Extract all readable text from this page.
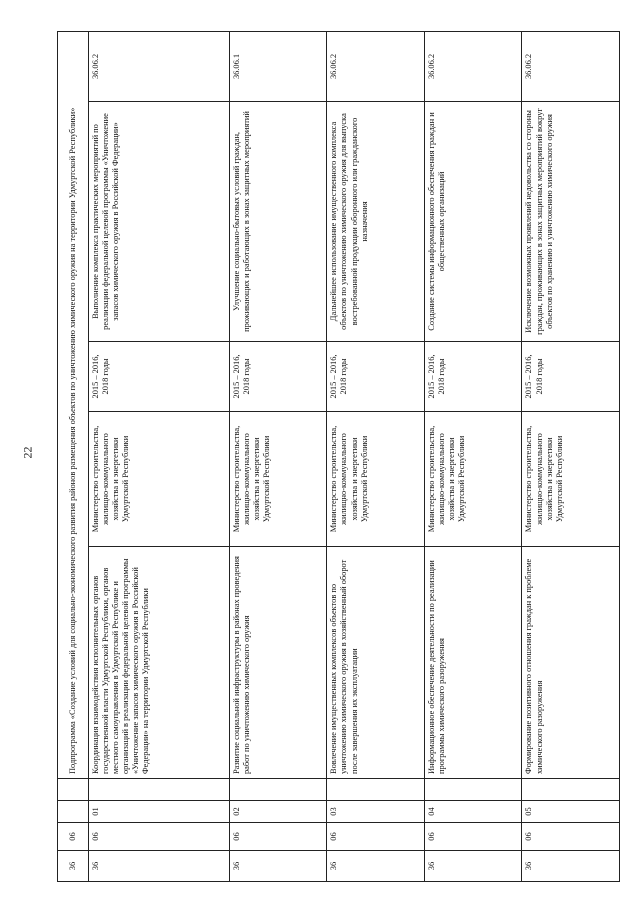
22
36	06			Подпрограмма «Создание условий для социально-экономического развития районов размещения объектов по уничтожению химического оружия на территории Удмуртской Республики»				
36	06	01		Координация взаимодействия исполнительных органов государственной власти Удмуртской Республики, органов местного самоуправления в Удмуртской Республике и организаций в реализации федеральной целевой программы «Уничтожение запасов химического оружия в Российской Федерации» на территории Удмуртской Республики	Министерство строительства, жилищно-коммунального хозяйства и энергетики Удмуртской Республики	2015 – 2016, 2018 годы	Выполнение комплекса практических мероприятий по реализации федеральной целевой программы «Уничтожение запасов химического оружия в Российской Федерации»	36.06.2
36	06	02		Развитие социальной инфраструктуры в районах проведения работ по уничтожению химического оружия	Министерство строительства, жилищно-коммунального хозяйства и энергетики Удмуртской Республики	2015 – 2016, 2018 годы	Улучшение социально-бытовых условий граждан, проживающих и работающих в зонах защитных мероприятий	36.06.1
36	06	03		Вовлечение имущественных комплексов объектов по уничтожению химического оружия в хозяйственный оборот после завершения их эксплуатации	Министерство строительства, жилищно-коммунального хозяйства и энергетики Удмуртской Республики	2015 – 2016, 2018 годы	Дальнейшее использование имущественного комплекса объектов по уничтожению химического оружия для выпуска востребованной продукции оборонного или гражданского назначения	36.06.2
36	06	04		Информационное обеспечение деятельности по реализации программы химического разоружения	Министерство строительства, жилищно-коммунального хозяйства и энергетики Удмуртской Республики	2015 – 2016, 2018 годы	Создание системы информационного обеспечения граждан и общественных организаций	36.06.2
36	06	05		Формирование позитивного отношения граждан к проблеме химического разоружения	Министерство строительства, жилищно-коммунального хозяйства и энергетики Удмуртской Республики	2015 – 2016, 2018 годы	Исключение возможных проявлений недовольства со стороны граждан, проживающих в зонах защитных мероприятий вокруг объектов по хранению и уничтожению химического оружия	36.06.2
